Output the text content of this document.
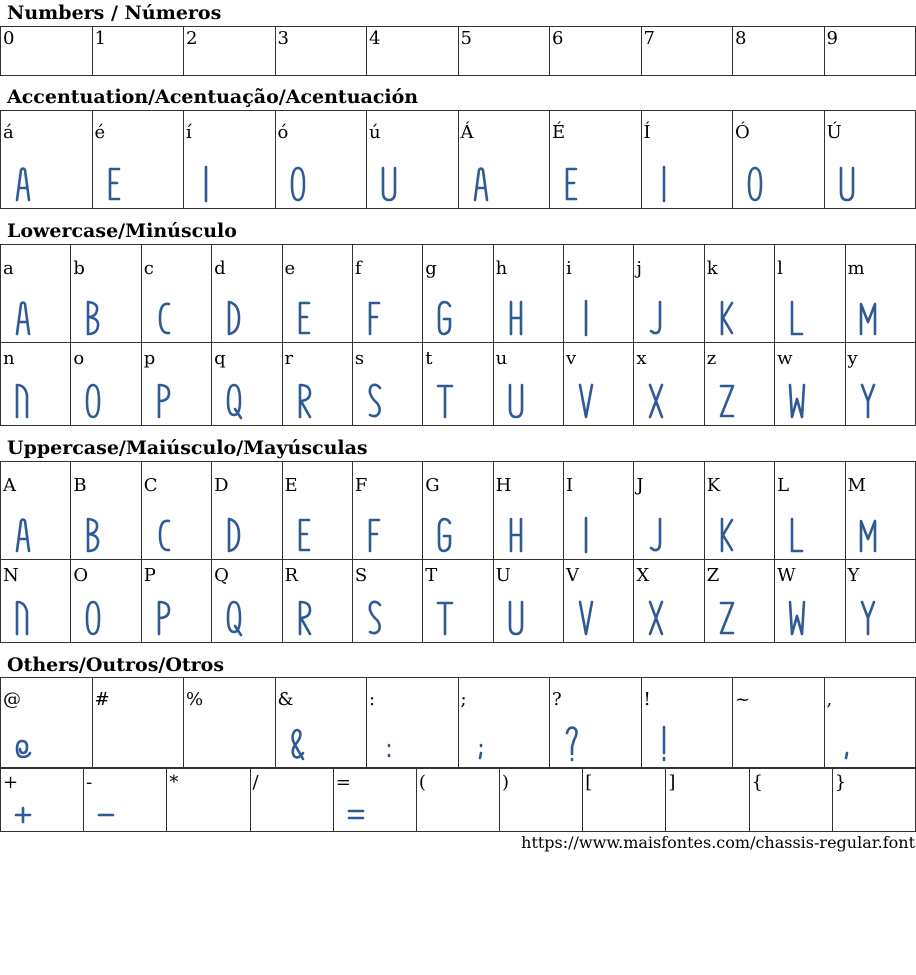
Numbers / Números
0	1	2	3	4	5	6	7	8	9
Accentuation/Acentuação/Acentuación
á	é	í	ó	ú	Á	É	Í	Ó	Ú
Lowercase/Minúsculo
a	b	c	d	e	f	g	h	i	j	k	l	m

n	o	p	q	r	s	t	u	v	x	z	w	y
Uppercase/Maiúsculo/Mayúsculas
A	B	C	D	E	F	G	H	I	J	K	L	M

N	O	P	Q	R	S	T	U	V	X	Z	W	Y
Others/Outros/Otros
@	#	%	&	:	;	?	!	~	,
+	-	*	/	=	(	)	[	]	{	}
https://www.maisfontes.com/chassis-regular.font
